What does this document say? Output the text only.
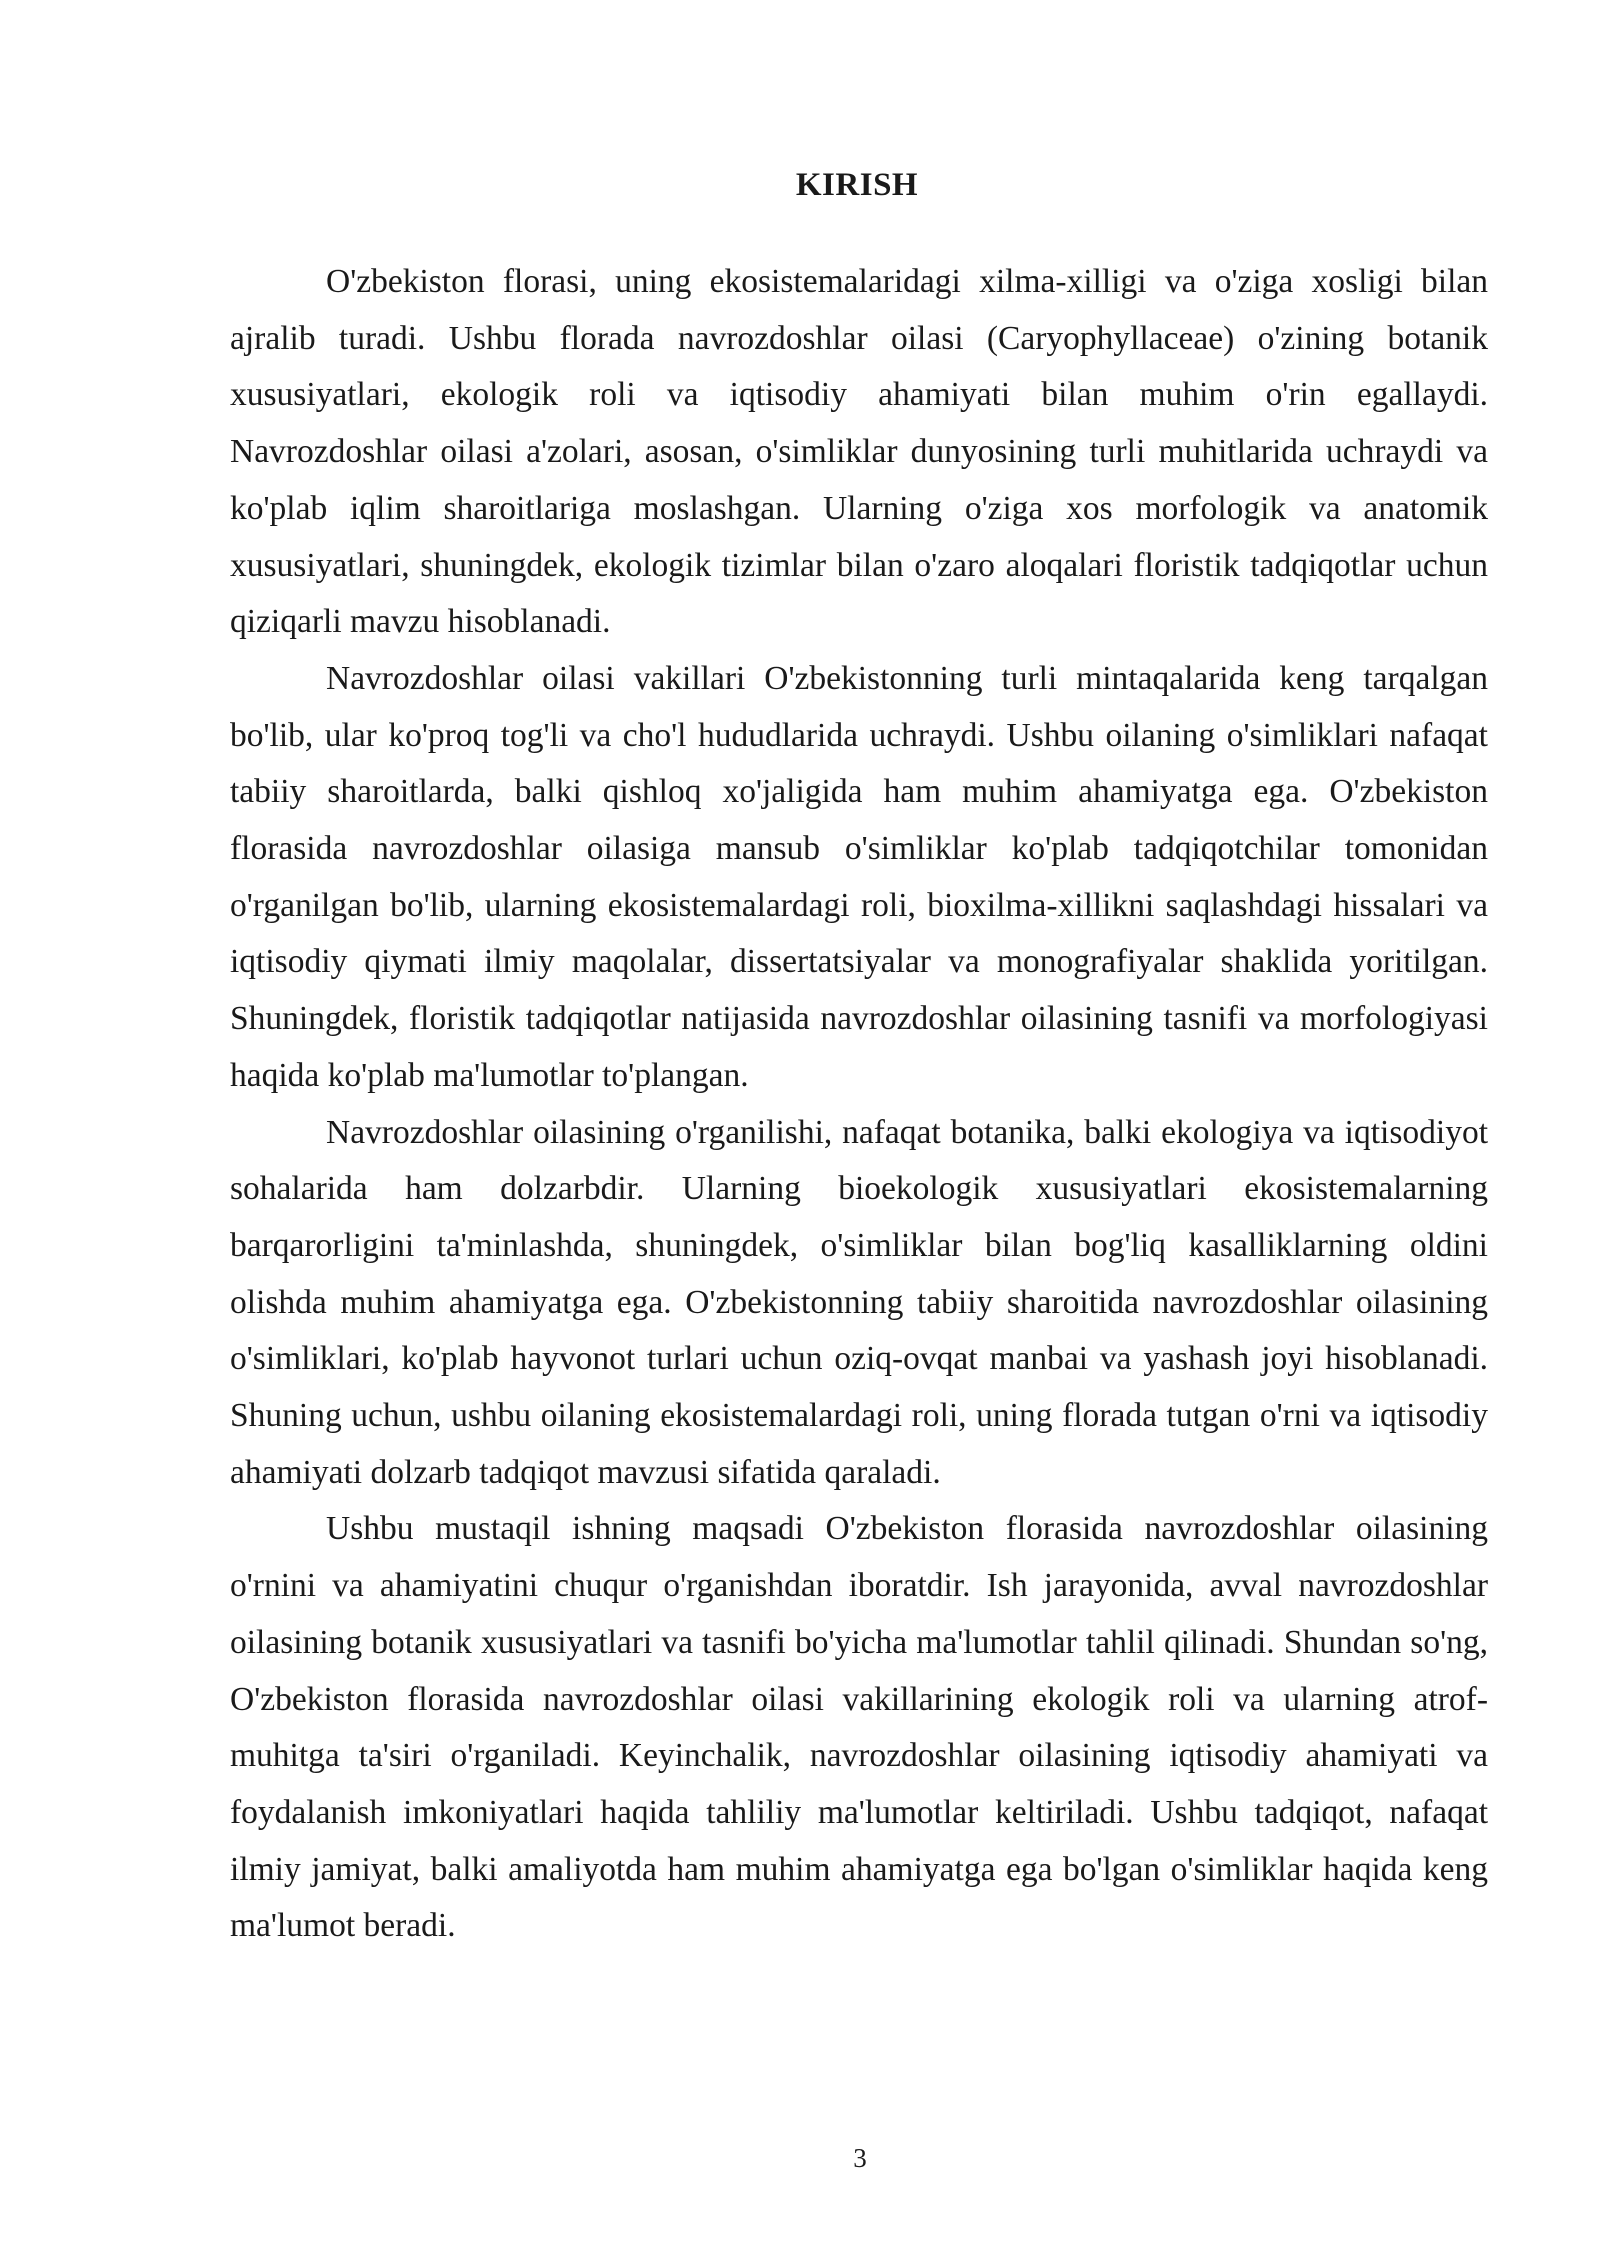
KIRISH

O'zbekiston florasi, uning ekosistemalaridagi xilma-xilligi va o'ziga xosligi bilan ajralib turadi. Ushbu florada navrozdoshlar oilasi (Caryophyllaceae) o'zining botanik xususiyatlari, ekologik roli va iqtisodiy ahamiyati bilan muhim o'rin egallaydi. Navrozdoshlar oilasi a'zolari, asosan, o'simliklar dunyosining turli muhitlarida uchraydi va ko'plab iqlim sharoitlariga moslashgan. Ularning o'ziga xos morfologik va anatomik xususiyatlari, shuningdek, ekologik tizimlar bilan o'zaro aloqalari floristik tadqiqotlar uchun qiziqarli mavzu hisoblanadi.

Navrozdoshlar oilasi vakillari O'zbekistonning turli mintaqalarida keng tarqalgan bo'lib, ular ko'proq tog'li va cho'l hududlarida uchraydi. Ushbu oilaning o'simliklari nafaqat tabiiy sharoitlarda, balki qishloq xo'jaligida ham muhim ahamiyatga ega. O'zbekiston florasida navrozdoshlar oilasiga mansub o'simliklar ko'plab tadqiqotchilar tomonidan o'rganilgan bo'lib, ularning ekosistemalardagi roli, bioxilma-xillikni saqlashdagi hissalari va iqtisodiy qiymati ilmiy maqolalar, dissertatsiyalar va monografiyalar shaklida yoritilgan. Shuningdek, floristik tadqiqotlar natijasida navrozdoshlar oilasining tasnifi va morfologiyasi haqida ko'plab ma'lumotlar to'plangan.

Navrozdoshlar oilasining o'rganilishi, nafaqat botanika, balki ekologiya va iqtisodiyot sohalarida ham dolzarbdir. Ularning bioekologik xususiyatlari ekosistemalarning barqarorligini ta'minlashda, shuningdek, o'simliklar bilan bog'liq kasalliklarning oldini olishda muhim ahamiyatga ega. O'zbekistonning tabiiy sharoitida navrozdoshlar oilasining o'simliklari, ko'plab hayvonot turlari uchun oziq-ovqat manbai va yashash joyi hisoblanadi. Shuning uchun, ushbu oilaning ekosistemalardagi roli, uning florada tutgan o'rni va iqtisodiy ahamiyati dolzarb tadqiqot mavzusi sifatida qaraladi.

Ushbu mustaqil ishning maqsadi O'zbekiston florasida navrozdoshlar oilasining o'rnini va ahamiyatini chuqur o'rganishdan iboratdir. Ish jarayonida, avval navrozdoshlar oilasining botanik xususiyatlari va tasnifi bo'yicha ma'lumotlar tahlil qilinadi. Shundan so'ng, O'zbekiston florasida navrozdoshlar oilasi vakillarining ekologik roli va ularning atrof-muhitga ta'siri o'rganiladi. Keyinchalik, navrozdoshlar oilasining iqtisodiy ahamiyati va foydalanish imkoniyatlari haqida tahliliy ma'lumotlar keltiriladi. Ushbu tadqiqot, nafaqat ilmiy jamiyat, balki amaliyotda ham muhim ahamiyatga ega bo'lgan o'simliklar haqida keng ma'lumot beradi.

3
